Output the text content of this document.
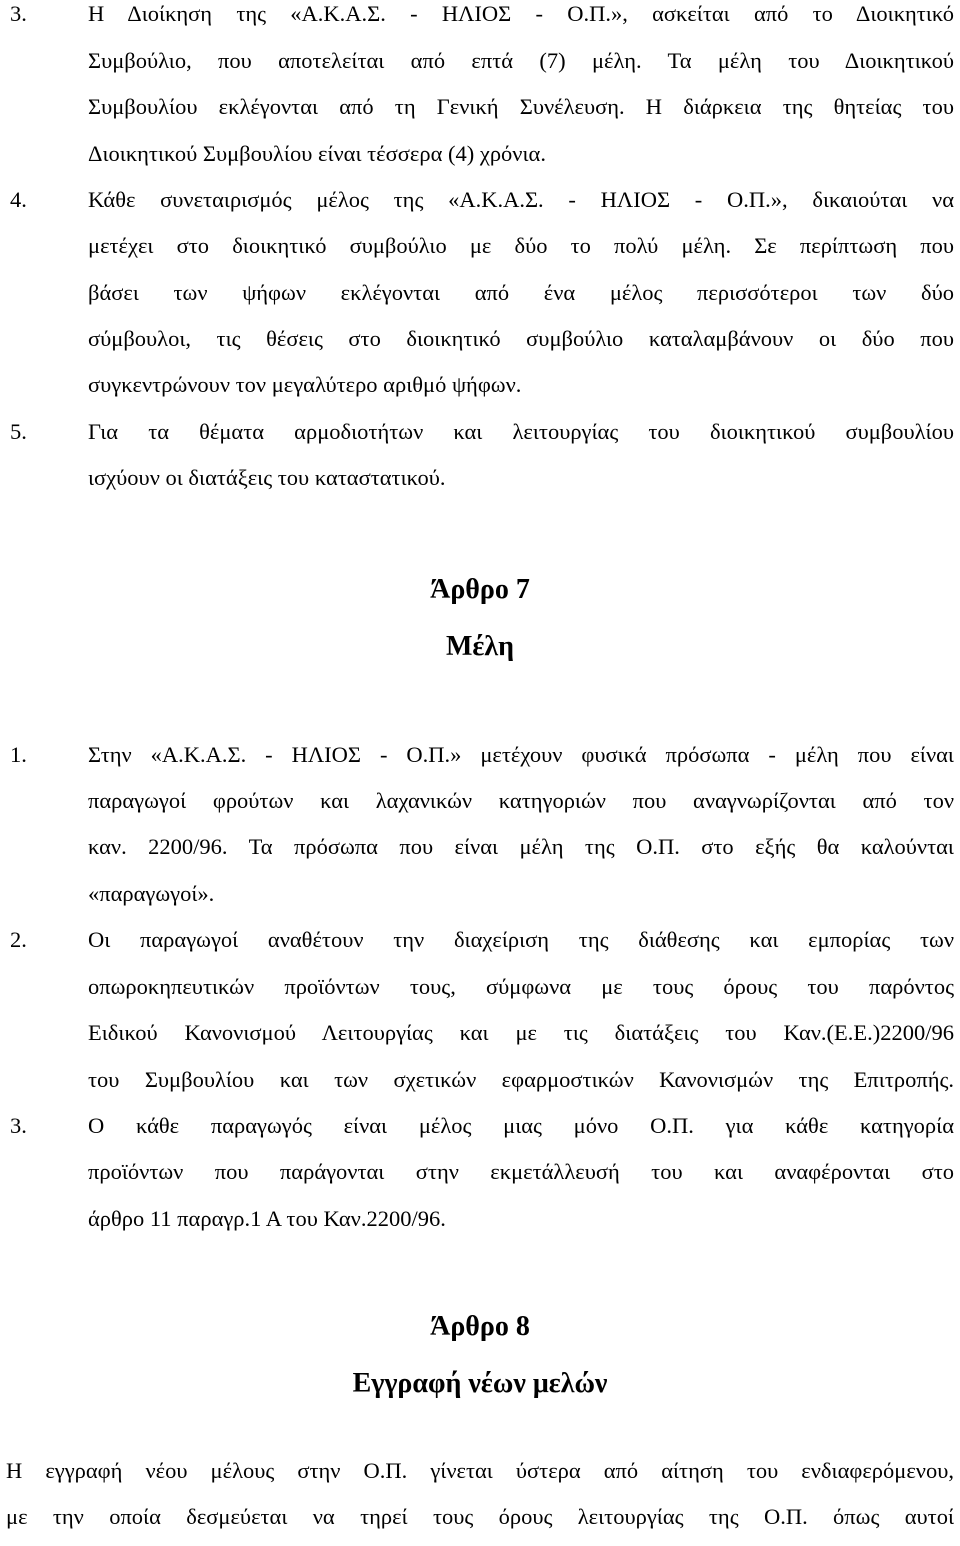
3.	Η Διοίκηση της «Α.Κ.Α.Σ. - ΗΛΙΟΣ - Ο.Π.», ασκείται από το Διοικητικό
Συμβούλιο, που αποτελείται από επτά (7) μέλη. Τα μέλη του Διοικητικού
Συμβουλίου εκλέγονται από τη Γενική Συνέλευση. Η διάρκεια της θητείας του
Διοικητικού Συμβουλίου είναι τέσσερα (4) χρόνια.
4.	Κάθε συνεταιρισμός μέλος της «Α.Κ.Α.Σ. - ΗΛΙΟΣ - Ο.Π.», δικαιούται να
μετέχει στο διοικητικό συμβούλιο με δύο το πολύ μέλη. Σε περίπτωση που
βάσει των ψήφων εκλέγονται από ένα μέλος περισσότεροι των δύο
σύμβουλοι, τις θέσεις στο διοικητικό συμβούλιο καταλαμβάνουν οι δύο που
συγκεντρώνουν τον μεγαλύτερο αριθμό ψήφων.
5.	Για τα θέματα αρμοδιοτήτων και λειτουργίας του διοικητικού συμβουλίου
ισχύουν οι διατάξεις του καταστατικού.
1.	Στην «Α.Κ.Α.Σ. - ΗΛΙΟΣ - Ο.Π.» μετέχουν φυσικά πρόσωπα - μέλη που είναι
παραγωγοί φρούτων και λαχανικών κατηγοριών που αναγνωρίζονται από τον
καν. 2200/96. Τα πρόσωπα που είναι μέλη της Ο.Π. στο εξής θα καλούνται
«παραγωγοί».
2.	Οι παραγωγοί αναθέτουν την διαχείριση της διάθεσης και εμπορίας των
οπωροκηπευτικών προϊόντων τους, σύμφωνα με τους όρους του παρόντος
Ειδικού Κανονισμού Λειτουργίας και με τις διατάξεις του Καν.(Ε.Ε.)2200/96
του Συμβουλίου και των σχετικών εφαρμοστικών Κανονισμών της Επιτροπής.
3.	Ο κάθε παραγωγός είναι μέλος μιας μόνο Ο.Π. για κάθε κατηγορία
προϊόντων που παράγονται στην εκμετάλλευσή του και αναφέρονται στο
άρθρο 11 παραγρ.1 Α του Καν.2200/96.
Άρθρο 7
Μέλη
Άρθρο 8
Εγγραφή νέων μελών
Η εγγραφή νέου μέλους στην Ο.Π. γίνεται ύστερα από αίτηση του ενδιαφερόμενου,
με την οποία δεσμεύεται να τηρεί τους όρους λειτουργίας της Ο.Π. όπως αυτοί
